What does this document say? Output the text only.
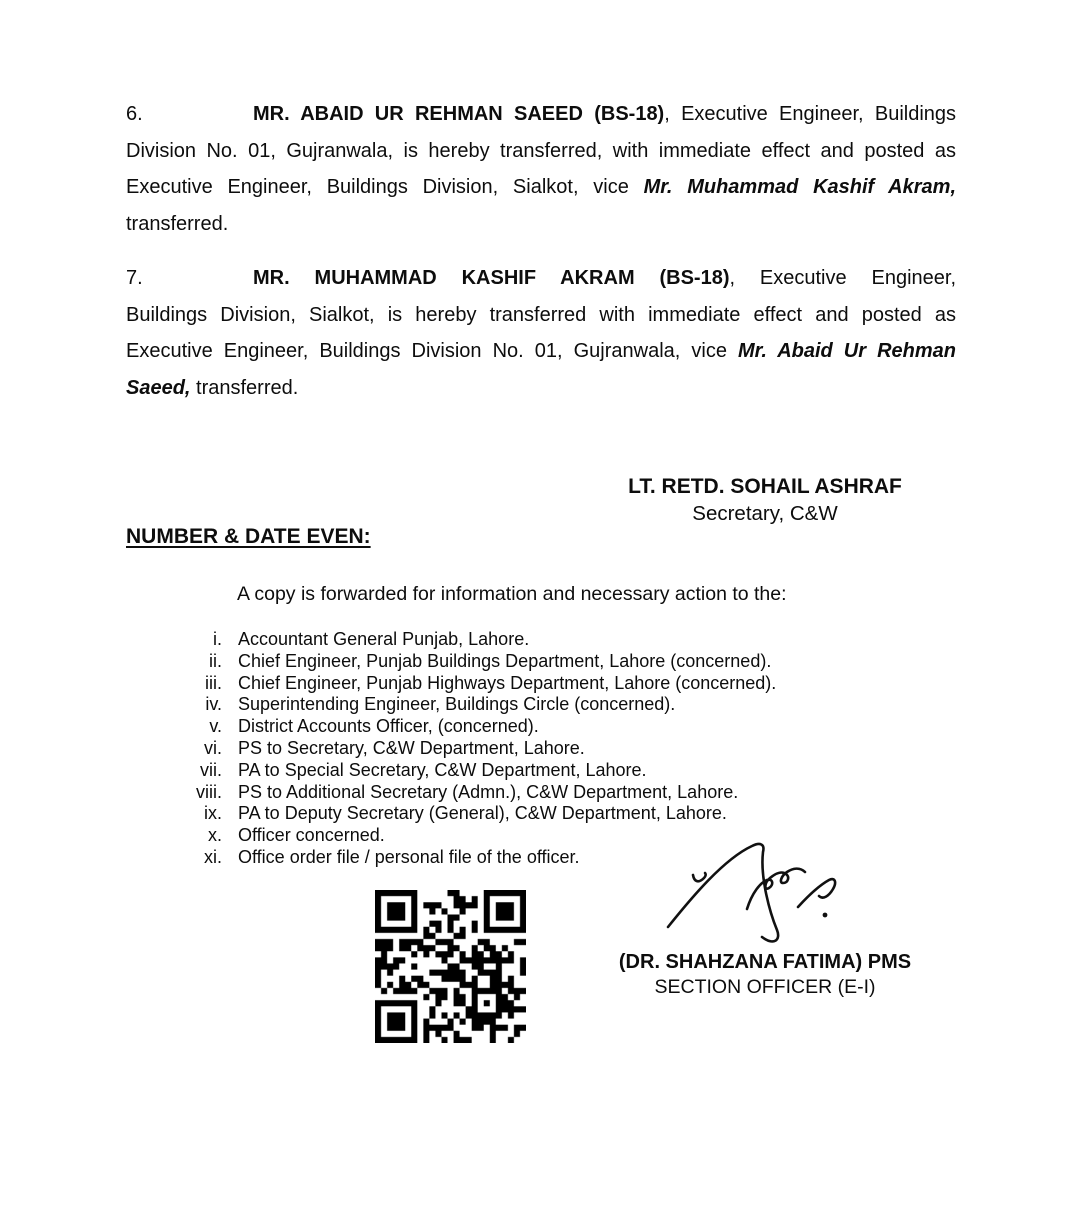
6.	MR. ABAID UR REHMAN SAEED (BS-18), Executive Engineer, Buildings
Division No. 01, Gujranwala, is hereby transferred, with immediate effect and posted as
Executive Engineer, Buildings Division, Sialkot, vice Mr. Muhammad Kashif Akram,
transferred.
7.	MR. MUHAMMAD KASHIF AKRAM (BS-18), Executive Engineer,
Buildings Division, Sialkot, is hereby transferred with immediate effect and posted as
Executive Engineer, Buildings Division No. 01, Gujranwala, vice Mr. Abaid Ur Rehman
Saeed, transferred.
LT. RETD. SOHAIL ASHRAF
Secretary, C&W
NUMBER & DATE EVEN:
A copy is forwarded for information and necessary action to the:
i. Accountant General Punjab, Lahore.
ii. Chief Engineer, Punjab Buildings Department, Lahore (concerned).
iii. Chief Engineer, Punjab Highways Department, Lahore (concerned).
iv. Superintending Engineer, Buildings Circle (concerned).
v. District Accounts Officer, (concerned).
vi. PS to Secretary, C&W Department, Lahore.
vii. PA to Special Secretary, C&W Department, Lahore.
viii. PS to Additional Secretary (Admn.), C&W Department, Lahore.
ix. PA to Deputy Secretary (General), C&W Department, Lahore.
x. Officer concerned.
xi. Office order file / personal file of the officer.
(DR. SHAHZANA FATIMA) PMS
SECTION OFFICER (E-I)
